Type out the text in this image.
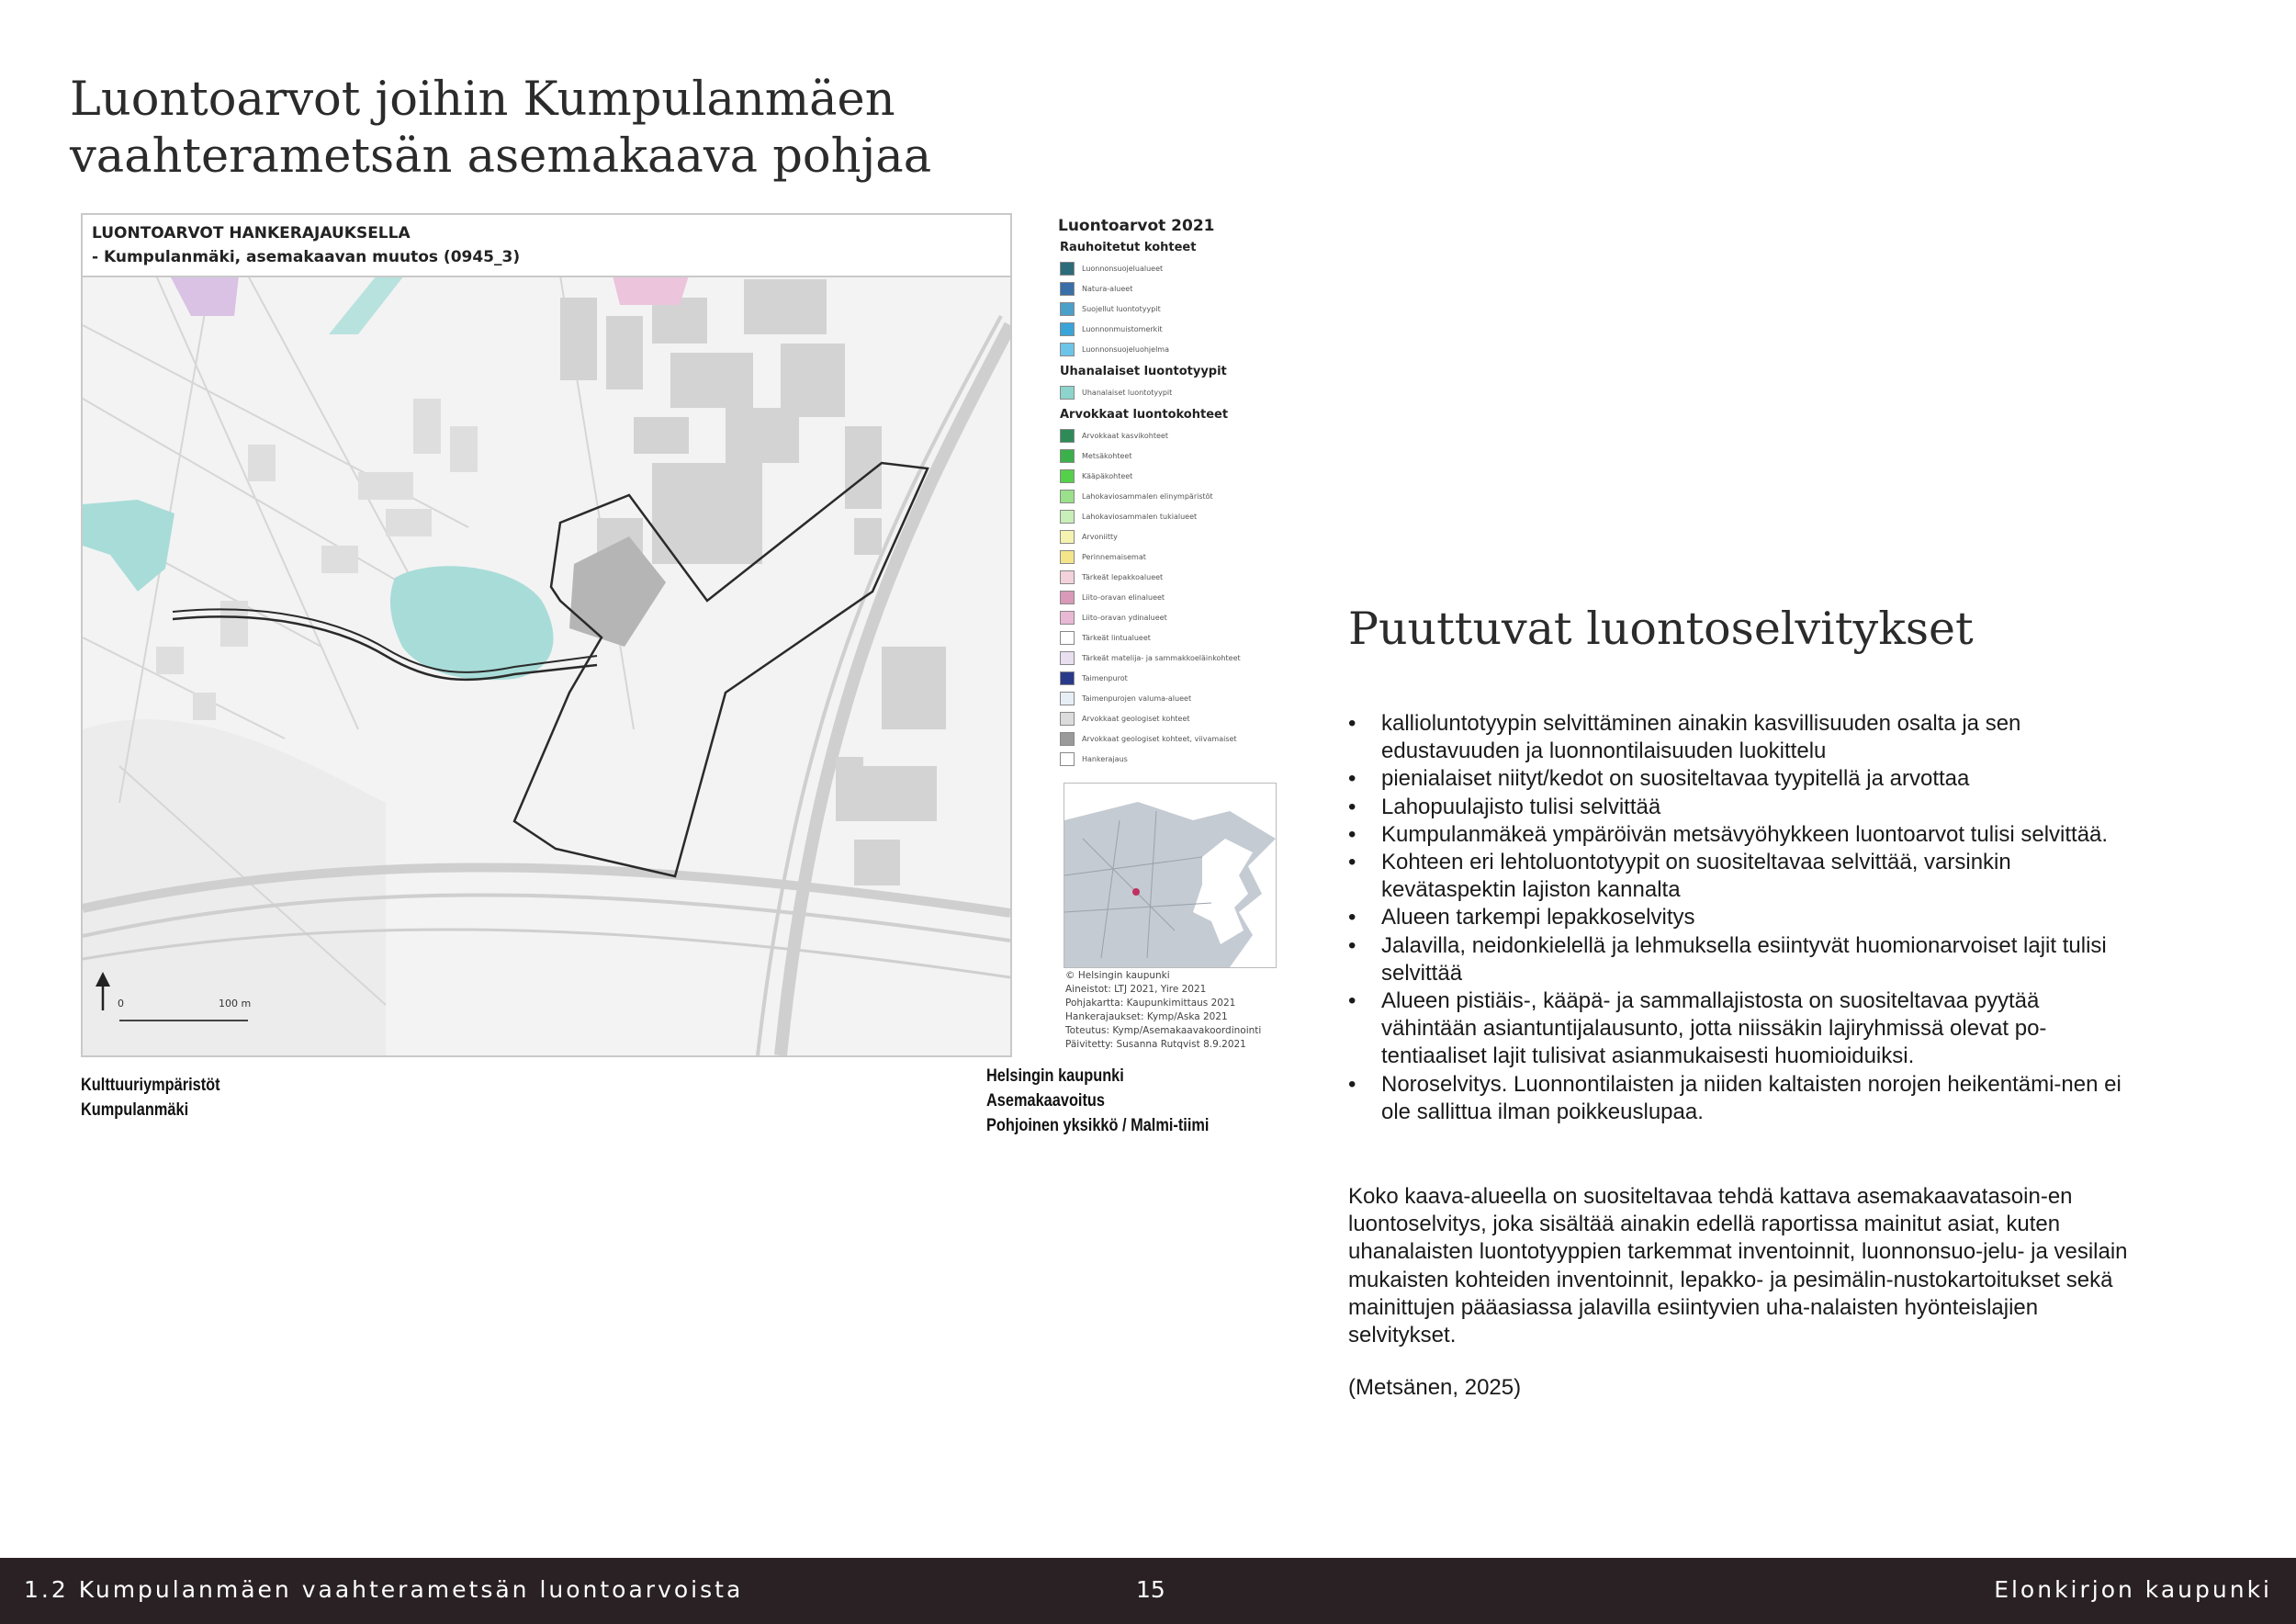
Luontoarvot joihin Kumpulanmäen
vaahterametsän asemakaava pohjaa
LUONTOARVOT HANKERAJAUKSELLA
- Kumpulanmäki, asemakaavan muutos (0945_3)
0	100 m
Luontoarvot 2021
Rauhoitetut kohteet
Luonnonsuojelualueet
Natura-alueet
Suojellut luontotyypit
Luonnonmuistomerkit
Luonnonsuojeluohjelma
Uhanalaiset luontotyypit
Uhanalaiset luontotyypit
Arvokkaat luontokohteet
Arvokkaat kasvikohteet
Metsäkohteet
Kääpäkohteet
Lahokaviosammalen elinympäristöt
Lahokaviosammalen tukialueet
Arvoniitty
Perinnemaisemat
Tärkeät lepakkoalueet
Liito-oravan elinalueet
Liito-oravan ydinalueet
Tärkeät lintualueet
Tärkeät matelija- ja sammakkoeläinkohteet
Taimenpurot
Taimenpurojen valuma-alueet
Arvokkaat geologiset kohteet
Arvokkaat geologiset kohteet, viivamaiset
Hankerajaus
© Helsingin kaupunki
Aineistot: LTJ 2021, Yire 2021
Pohjakartta: Kaupunkimittaus 2021
Hankerajaukset: Kymp/Aska 2021
Toteutus: Kymp/Asemakaavakoordinointi
Päivitetty: Susanna Rutqvist 8.9.2021
Kulttuuriympäristöt
Kumpulanmäki
Helsingin kaupunki
Asemakaavoitus
Pohjoinen yksikkö / Malmi-tiimi
Puuttuvat luontoselvitykset
• kallioluntotyypin selvittäminen ainakin kasvillisuuden osalta ja sen edustavuuden ja luonnontilaisuuden luokittelu
• pienialaiset niityt/kedot on suositeltavaa tyypitellä ja arvottaa
• Lahopuulajisto tulisi selvittää
• Kumpulanmäkeä ympäröivän metsävyöhykkeen luontoarvot tulisi selvittää.
• Kohteen eri lehtoluontotyypit on suositeltavaa selvittää, varsinkin kevätaspektin lajiston kannalta
• Alueen tarkempi lepakkoselvitys
• Jalavilla, neidonkielellä ja lehmuksella esiintyvät huomionarvoiset lajit tulisi selvittää
• Alueen pistiäis-, kääpä- ja sammallajistosta on suositeltavaa pyytää vähintään asiantuntijalausunto, jotta niissäkin lajiryhmissä olevat po-tentiaaliset lajit tulisivat asianmukaisesti huomioiduiksi.
• Noroselvitys. Luonnontilaisten ja niiden kaltaisten norojen heikentämi-nen ei ole sallittua ilman poikkeuslupaa.

Koko kaava-alueella on suositeltavaa tehdä kattava asemakaavatasoin-en luontoselvitys, joka sisältää ainakin edellä raportissa mainitut asiat, kuten uhanalaisten luontotyyppien tarkemmat inventoinnit, luonnonsuo-jelu- ja vesilain mukaisten kohteiden inventoinnit, lepakko- ja pesimälin-nustokartoitukset sekä mainittujen pääasiassa jalavilla esiintyvien uha-nalaisten hyönteislajien selvitykset.

(Metsänen, 2025)

1.2 Kumpulanmäen vaahterametsän luontoarvoista	15	Elonkirjon kaupunki
